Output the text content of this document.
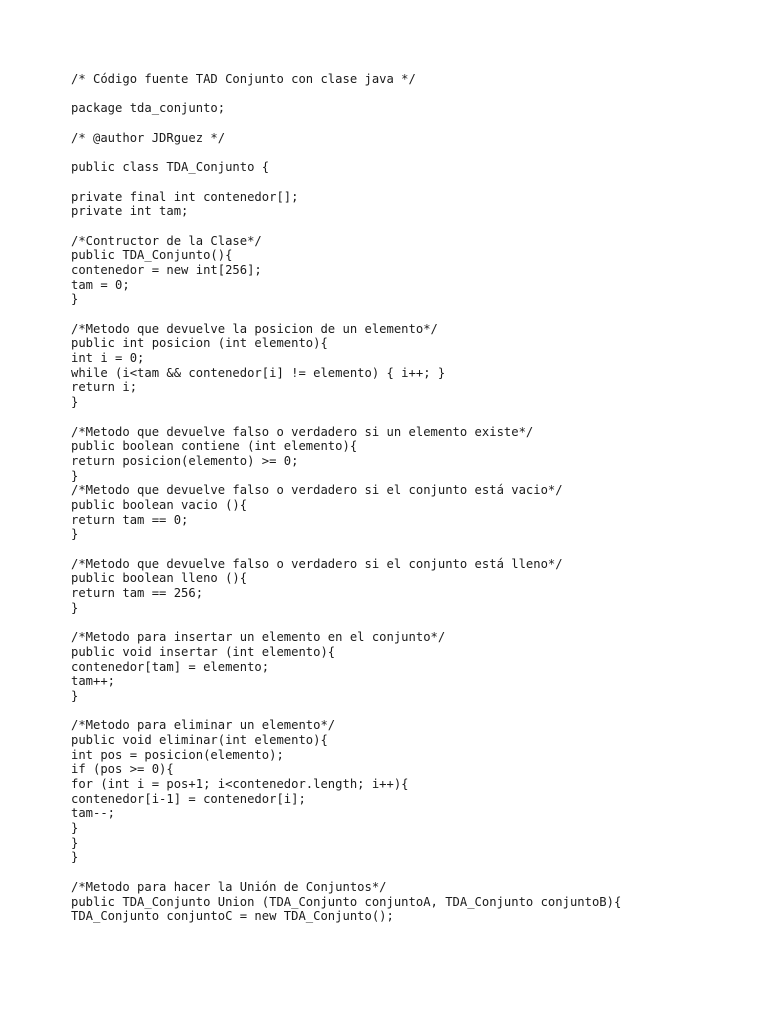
/* Código fuente TAD Conjunto con clase java */

package tda_conjunto;

/* @author JDRguez */

public class TDA_Conjunto {

private final int contenedor[];
private int tam;

/*Contructor de la Clase*/
public TDA_Conjunto(){
contenedor = new int[256];
tam = 0;
}

/*Metodo que devuelve la posicion de un elemento*/
public int posicion (int elemento){
int i = 0;
while (i<tam && contenedor[i] != elemento) { i++; }
return i;
}

/*Metodo que devuelve falso o verdadero si un elemento existe*/
public boolean contiene (int elemento){
return posicion(elemento) >= 0;
}
/*Metodo que devuelve falso o verdadero si el conjunto está vacio*/
public boolean vacio (){
return tam == 0;
}

/*Metodo que devuelve falso o verdadero si el conjunto está lleno*/
public boolean lleno (){
return tam == 256;
}

/*Metodo para insertar un elemento en el conjunto*/
public void insertar (int elemento){
contenedor[tam] = elemento;
tam++;
}

/*Metodo para eliminar un elemento*/
public void eliminar(int elemento){
int pos = posicion(elemento);
if (pos >= 0){
for (int i = pos+1; i<contenedor.length; i++){
contenedor[i-1] = contenedor[i];
tam--;
}
}
}

/*Metodo para hacer la Unión de Conjuntos*/
public TDA_Conjunto Union (TDA_Conjunto conjuntoA, TDA_Conjunto conjuntoB){
TDA_Conjunto conjuntoC = new TDA_Conjunto();
